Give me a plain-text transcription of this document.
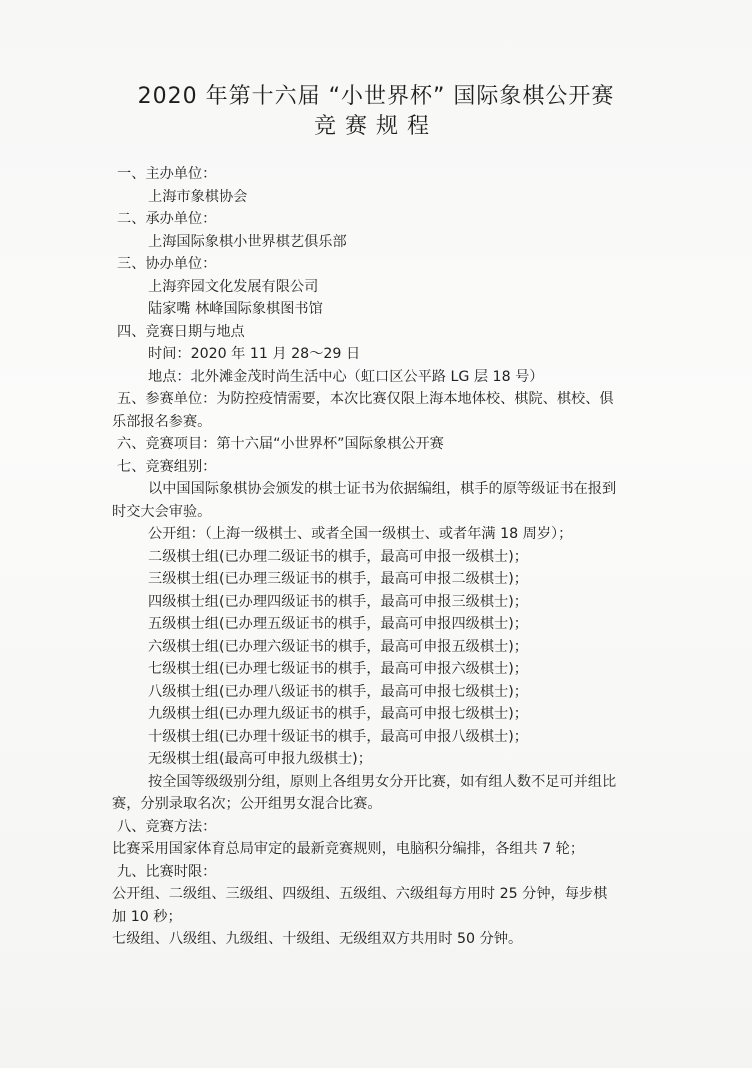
2020 年第十六届 “小世界杯” 国际象棋公开赛
竞赛规程
一、主办单位：
上海市象棋协会
二、承办单位：
上海国际象棋小世界棋艺俱乐部
三、协办单位：
上海弈园文化发展有限公司
陆家嘴 林峰国际象棋图书馆
四、竞赛日期与地点
时间：2020 年 11 月 28～29 日
地点：北外滩金茂时尚生活中心（虹口区公平路 LG 层 18 号）
五、参赛单位：为防控疫情需要，本次比赛仅限上海本地体校、棋院、棋校、俱
乐部报名参赛。
六、竞赛项目：第十六届“小世界杯”国际象棋公开赛
七、竞赛组别：
以中国国际象棋协会颁发的棋士证书为依据编组，棋手的原等级证书在报到
时交大会审验。
公开组：（上海一级棋士、或者全国一级棋士、或者年满 18 周岁）；
二级棋士组(已办理二级证书的棋手，最高可申报一级棋士)；
三级棋士组(已办理三级证书的棋手，最高可申报二级棋士)；
四级棋士组(已办理四级证书的棋手，最高可申报三级棋士)；
五级棋士组(已办理五级证书的棋手，最高可申报四级棋士)；
六级棋士组(已办理六级证书的棋手，最高可申报五级棋士)；
七级棋士组(已办理七级证书的棋手，最高可申报六级棋士)；
八级棋士组(已办理八级证书的棋手，最高可申报七级棋士)；
九级棋士组(已办理九级证书的棋手，最高可申报七级棋士)；
十级棋士组(已办理十级证书的棋手，最高可申报八级棋士)；
无级棋士组(最高可申报九级棋士)；
按全国等级级别分组，原则上各组男女分开比赛，如有组人数不足可并组比
赛，分别录取名次；公开组男女混合比赛。
八、竞赛方法：
比赛采用国家体育总局审定的最新竞赛规则，电脑积分编排，各组共 7 轮；
九、比赛时限：
公开组、二级组、三级组、四级组、五级组、六级组每方用时 25 分钟，每步棋
加 10 秒；
七级组、八级组、九级组、十级组、无级组双方共用时 50 分钟。
